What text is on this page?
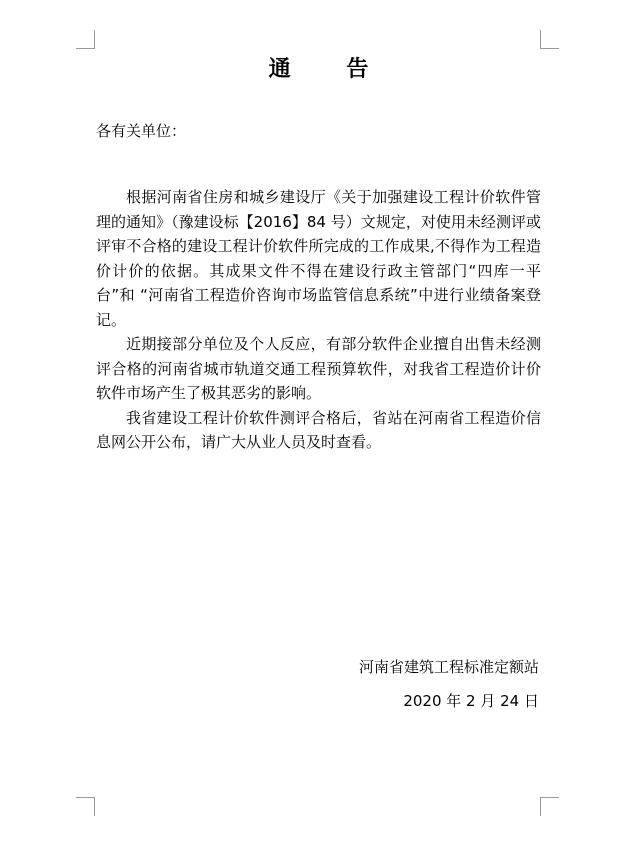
通 告
各有关单位：

根据河南省住房和城乡建设厅《关于加强建设工程计价软件管理的通知》（豫建设标【2016】84 号）文规定，对使用未经测评或评审不合格的建设工程计价软件所完成的工作成果,不得作为工程造价计价的依据。其成果文件不得在建设行政主管部门“四库一平台”和 “河南省工程造价咨询市场监管信息系统”中进行业绩备案登记。

近期接部分单位及个人反应，有部分软件企业擅自出售未经测评合格的河南省城市轨道交通工程预算软件，对我省工程造价计价软件市场产生了极其恶劣的影响。

我省建设工程计价软件测评合格后，省站在河南省工程造价信息网公开公布，请广大从业人员及时查看。

河南省建筑工程标准定额站
2020 年 2 月 24 日
